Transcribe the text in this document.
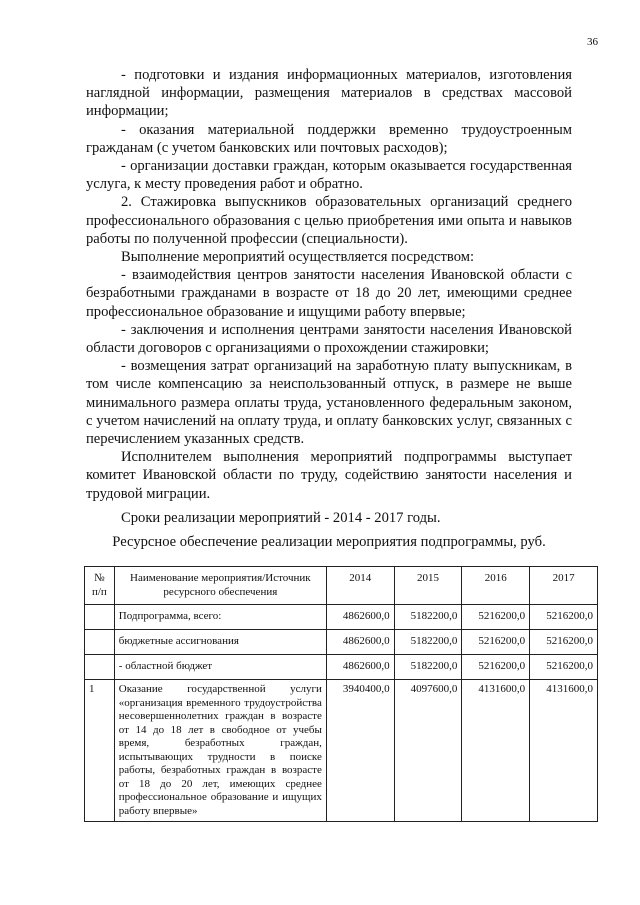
36

- подготовки и издания информационных материалов, изготовления наглядной информации, размещения материалов в средствах массовой информации;

- оказания материальной поддержки временно трудоустроенным гражданам (с учетом банковских или почтовых расходов);

- организации доставки граждан, которым оказывается государственная услуга, к месту проведения работ и обратно.

2. Стажировка выпускников образовательных организаций среднего профессионального образования с целью приобретения ими опыта и навыков работы по полученной профессии (специальности).

Выполнение мероприятий осуществляется посредством:

- взаимодействия центров занятости населения Ивановской области с безработными гражданами в возрасте от 18 до 20 лет, имеющими среднее профессиональное образование и ищущими работу впервые;

- заключения и исполнения центрами занятости населения Ивановской области договоров с организациями о прохождении стажировки;

- возмещения затрат организаций на заработную плату выпускникам, в том числе компенсацию за неиспользованный отпуск, в размере не выше минимального размера оплаты труда, установленного федеральным законом, с учетом начислений на оплату труда, и оплату банковских услуг, связанных с перечислением указанных средств.

Исполнителем выполнения мероприятий подпрограммы выступает комитет Ивановской области по труду, содействию занятости населения и трудовой миграции.

Сроки реализации мероприятий - 2014 - 2017 годы.

Ресурсное обеспечение реализации мероприятия подпрограммы, руб.
№ п/п	Наименование мероприятия/Источник ресурсного обеспечения	2014	2015	2016	2017
	Подпрограмма, всего:	4862600,0	5182200,0	5216200,0	5216200,0
	бюджетные ассигнования	4862600,0	5182200,0	5216200,0	5216200,0
	- областной бюджет	4862600,0	5182200,0	5216200,0	5216200,0
1	Оказание государственной услуги «организация временного трудоустройства несовершеннолетних граждан в возрасте от 14 до 18 лет в свободное от учебы время, безработных граждан, испытывающих трудности в поиске работы, безработных граждан в возрасте от 18 до 20 лет, имеющих среднее профессиональное образование и ищущих работу впервые»	3940400,0	4097600,0	4131600,0	4131600,0
